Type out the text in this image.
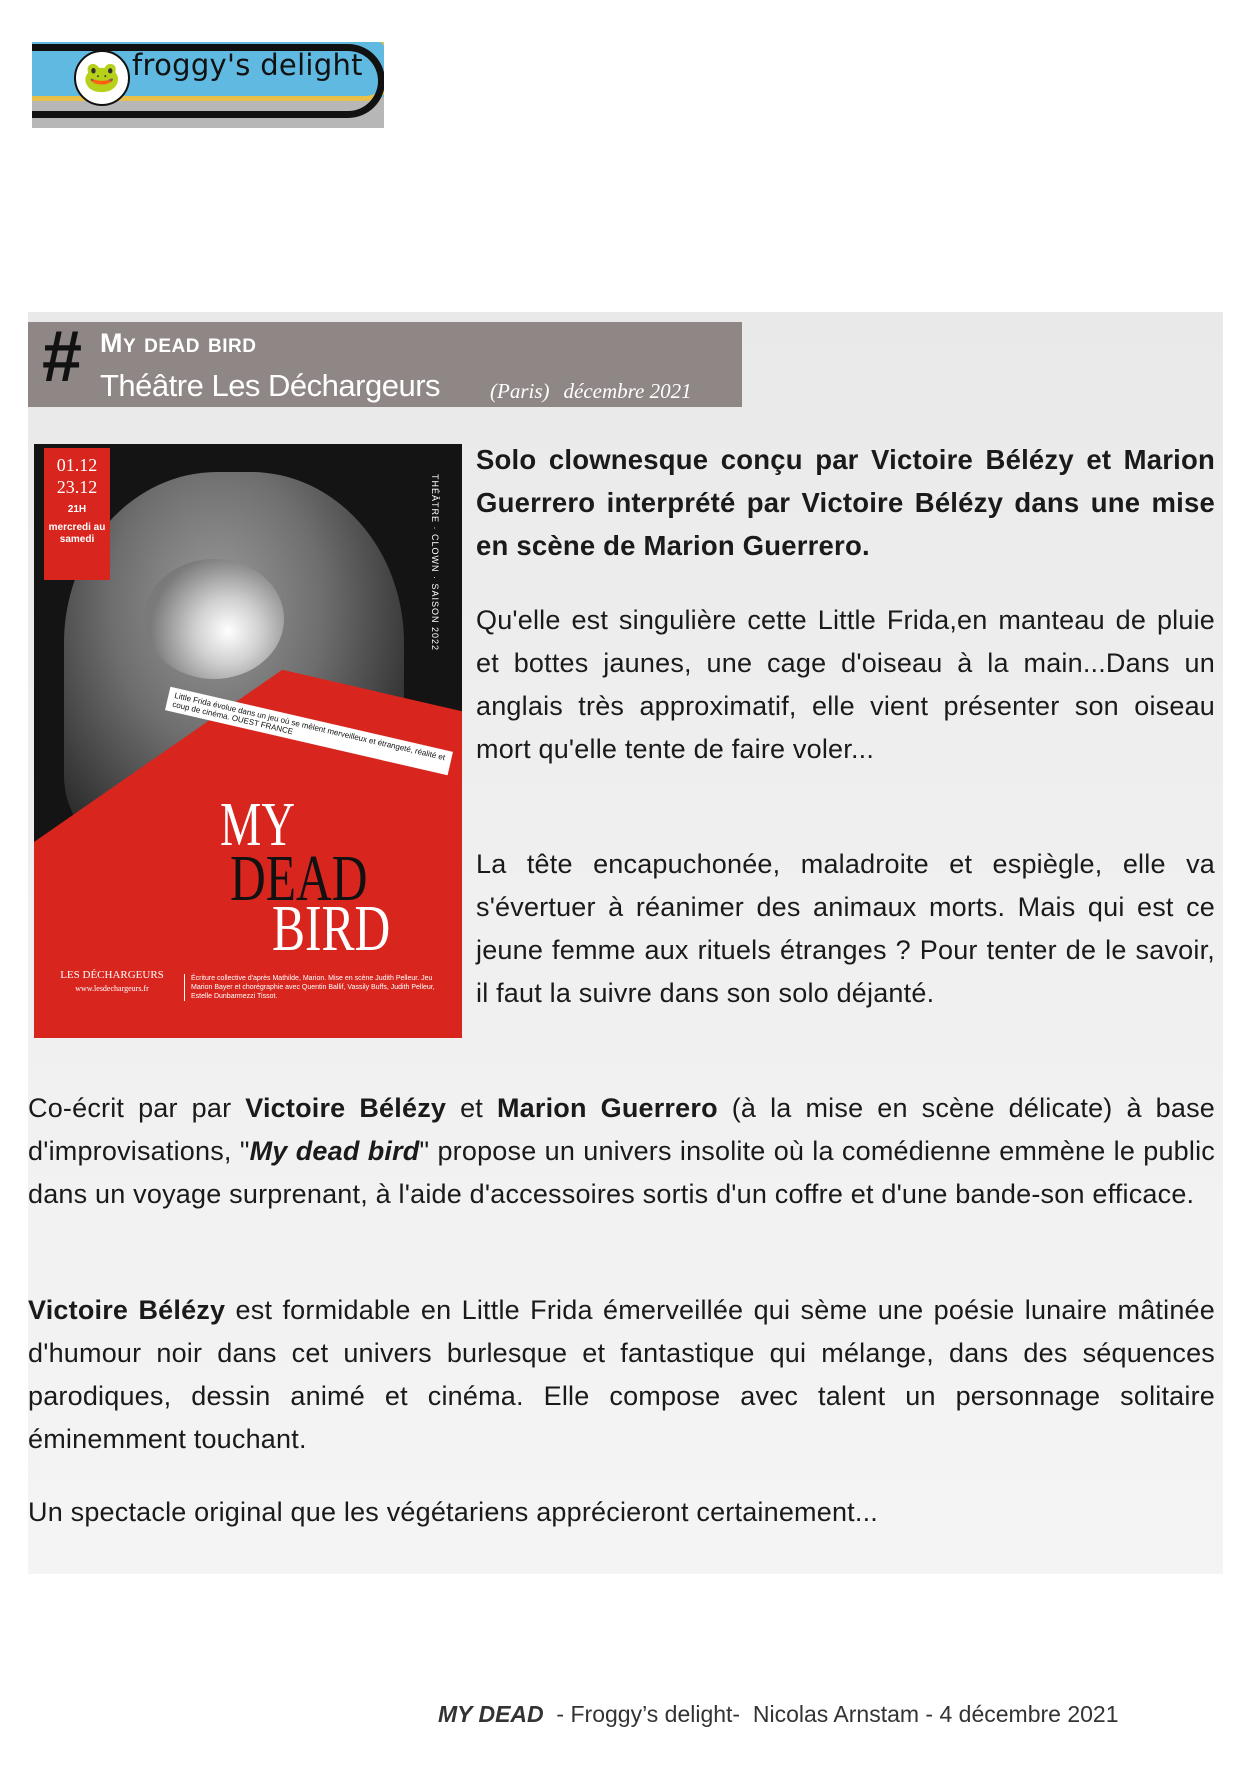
🐸 froggy's delight
# My dead bird
Théâtre Les Déchargeurs (Paris) décembre 2021
01.12
23.12
21H
mercredi au samedi	THÉÂTRE · CLOWN · SAISON 2022
Little Frida évolue dans un jeu où se mêlent merveilleux et étrangeté, réalité et coup de cinéma. OUEST FRANCE
MY
DEAD
BIRD
LES DÉCHARGEURS
www.lesdechargeurs.fr
Écriture collective d'après Mathilde, Marion. Mise en scène Judith Pelleur. Jeu Marion Bayer et chorégraphie avec Quentin Ballif, Vassily Buffs, Judith Pelleur, Estelle Dunbarmezzi Tissot.

Solo clownesque conçu par Victoire Bélézy et Marion Guerrero interprété par Victoire Bélézy dans une mise en scène de Marion Guerrero.

Qu'elle est singulière cette Little Frida,en manteau de pluie et bottes jaunes, une cage d'oiseau à la main...Dans un anglais très approximatif, elle vient présenter son oiseau mort qu'elle tente de faire voler...

La tête encapuchonée, maladroite et espiègle, elle va s'évertuer à réanimer des animaux morts. Mais qui est ce jeune femme aux rituels étranges ? Pour tenter de le savoir, il faut la suivre dans son solo déjanté.

Co-écrit par par Victoire Bélézy et Marion Guerrero (à la mise en scène délicate) à base d'improvisations, "My dead bird" propose un univers insolite où la comédienne emmène le public dans un voyage surprenant, à l'aide d'accessoires sortis d'un coffre et d'une bande-son efficace.

Victoire Bélézy est formidable en Little Frida émerveillée qui sème une poésie lunaire mâtinée d'humour noir dans cet univers burlesque et fantastique qui mélange, dans des séquences parodiques, dessin animé et cinéma. Elle compose avec talent un personnage solitaire éminemment touchant.

Un spectacle original que les végétariens apprécieront certainement...

MY DEAD  - Froggy’s delight-  Nicolas Arnstam - 4 décembre 2021
